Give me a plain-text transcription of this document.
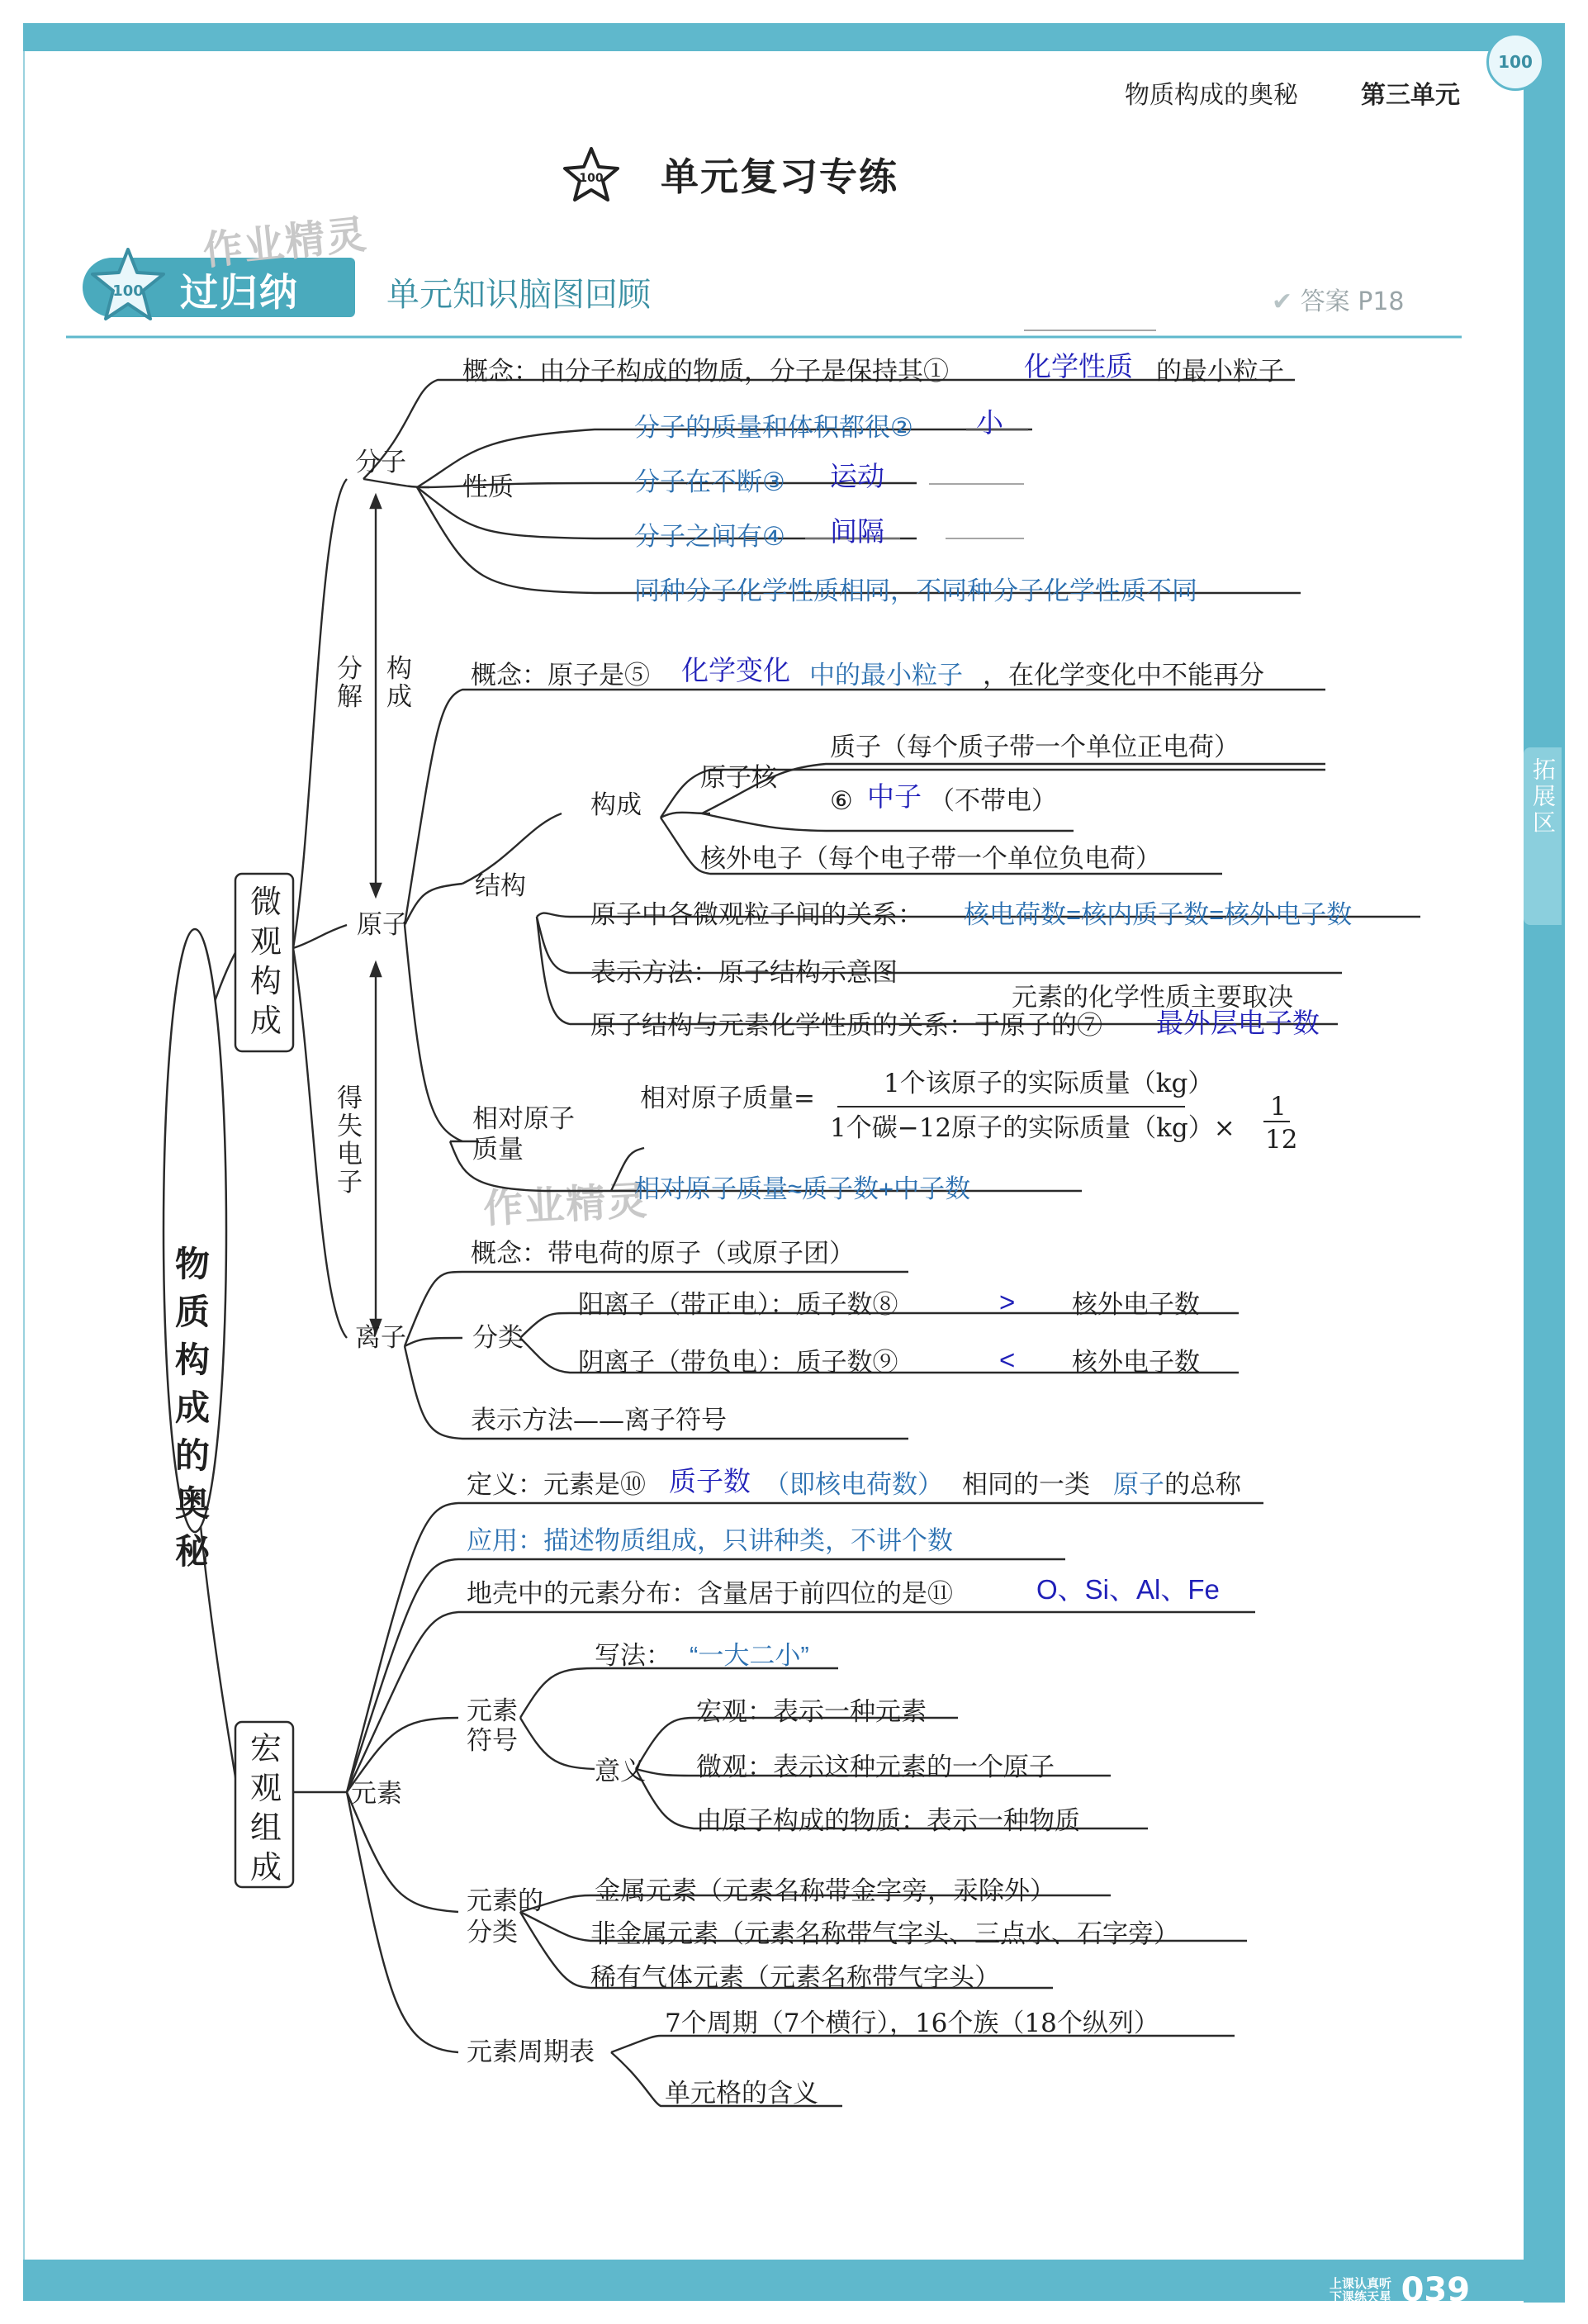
100
物质构成的奥秘	第三单元
100 单元复习专练
100 过归纳	单元知识脑图回顾	✔ 答案 P18
拓展区
作业精灵
作业精灵
物质构成的奥秘
微观构成
宏观组成
分解
构成
得失电子
分子
概念：由分子构成的物质，分子是保持其①	化学性质 的最小粒子
性质
分子的质量和体积都很② 小
分子在不断③ 运动
分子之间有④ 间隔
同种分子化学性质相同，不同种分子化学性质不同
原子
概念：原子是⑤ 化学变化 中的最小粒子 ，在化学变化中不能再分
结构
构成
原子核
质子（每个质子带一个单位正电荷）
⑥ 中子 （不带电）
核外电子（每个电子带一个单位负电荷）
原子中各微观粒子间的关系： 核电荷数=核内质子数=核外电子数
表示方法：原子结构示意图
元素的化学性质主要取决
原子结构与元素化学性质的关系：于原子的⑦ 最外层电子数
相对原子质量
相对原子质量=	1个该原子的实际质量（kg）
1个碳−12原子的实际质量（kg）×
1
12
相对原子质量≈质子数+中子数
离子
概念：带电荷的原子（或原子团）
分类
阳离子（带正电）：质子数⑧	> 核外电子数
阴离子（带负电）：质子数⑨	< 核外电子数
表示方法——离子符号
元素
定义：元素是⑩ 质子数 （即核电荷数） 相同的一类 原子 的总称
应用：描述物质组成，只讲种类，不讲个数
地壳中的元素分布：含量居于前四位的是⑪	O、Si、Al、Fe
元素符号
写法： “一大二小”
意义
宏观：表示一种元素
微观：表示这种元素的一个原子
由原子构成的物质：表示一种物质
元素的分类
金属元素（元素名称带金字旁，汞除外）
非金属元素（元素名称带气字头、三点水、石字旁）
稀有气体元素（元素名称带气字头）
元素周期表
7个周期（7个横行），16个族（18个纵列）
单元格的含义
上课认真听
下课练天星 039
